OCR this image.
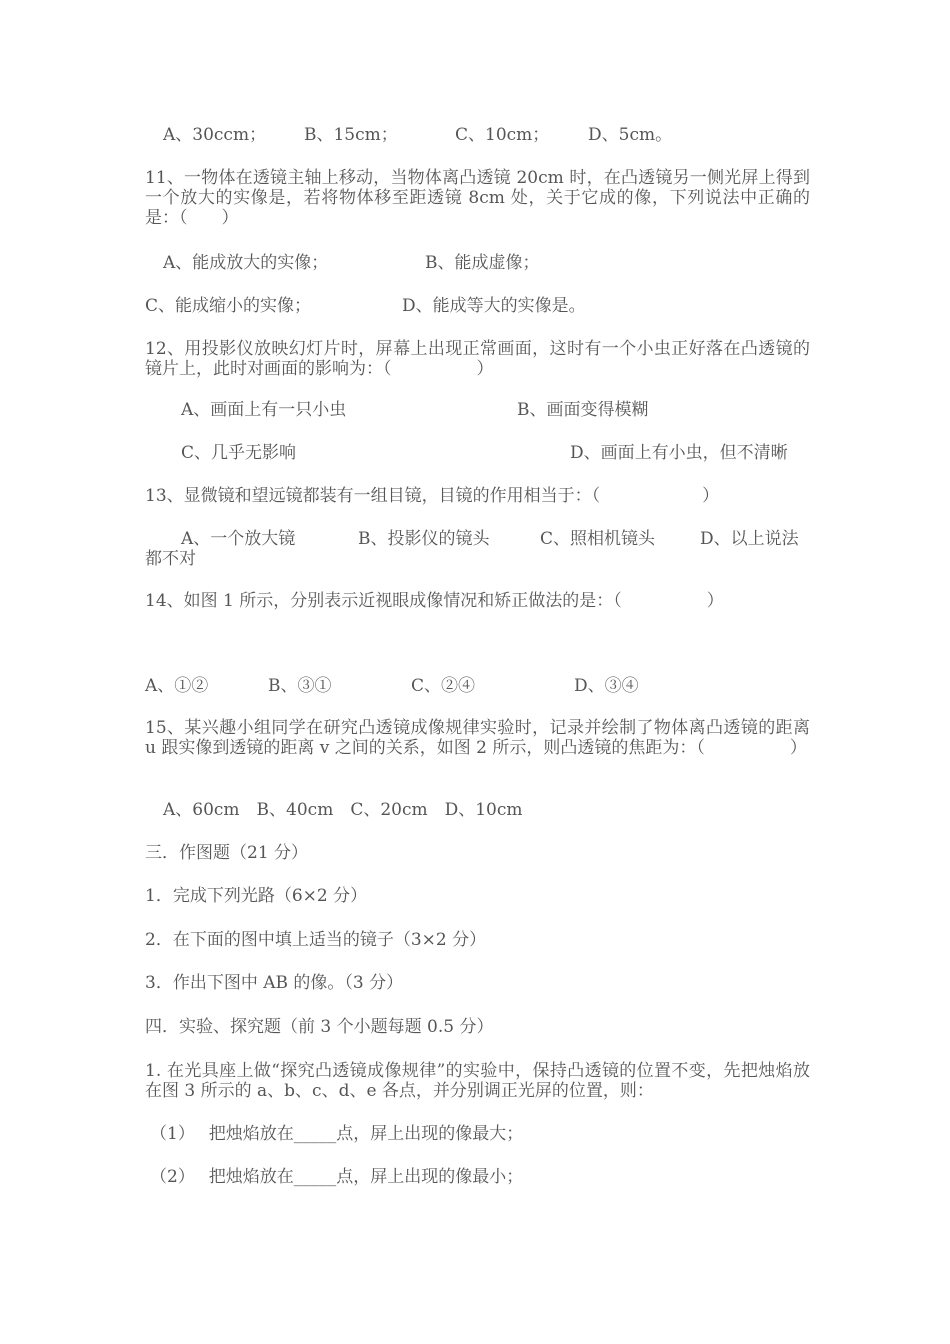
A、30ccm； B、15cm；	C、10cm； D、5cm。
11、一物体在透镜主轴上移动，当物体离凸透镜 20cm 时，在凸透镜另一侧光屏上得到一个放大的实像是，若将物体移至距透镜 8cm 处，关于它成的像，下列说法中正确的是：（　　）
A、能成放大的实像；	B、能成虚像；
C、能成缩小的实像；	D、能成等大的实像是。
12、用投影仪放映幻灯片时，屏幕上出现正常画面，这时有一个小虫正好落在凸透镜的镜片上，此时对画面的影响为：（　　　　　）
A、画面上有一只小虫	B、画面变得模糊
C、几乎无影响	D、画面上有小虫，但不清晰
13、显微镜和望远镜都装有一组目镜，目镜的作用相当于：（　　　　　　）
A、一个放大镜	B、投影仪的镜头	C、照相机镜头	D、以上说法
都不对
14、如图 1 所示，分别表示近视眼成像情况和矫正做法的是：（　　　　　）
A、①②	B、③①	C、②④	D、③④
15、某兴趣小组同学在研究凸透镜成像规律实验时，记录并绘制了物体离凸透镜的距离 u 跟实像到透镜的距离 v 之间的关系，如图 2 所示，则凸透镜的焦距为：（　　　　　）
A、60cm　B、40cm　C、20cm　D、10cm
三．作图题（21 分）
1．完成下列光路（6×2 分）
2．在下面的图中填上适当的镜子（3×2 分）
3．作出下图中 AB 的像。（3 分）
四．实验、探究题（前 3 个小题每题 0.5 分）
1. 在光具座上做“探究凸透镜成像规律”的实验中，保持凸透镜的位置不变，先把烛焰放在图 3 所示的 a、b、c、d、e 各点，并分别调正光屏的位置，则：
（1）　 把烛焰放在_____点，屏上出现的像最大；
（2）　 把烛焰放在_____点，屏上出现的像最小；
